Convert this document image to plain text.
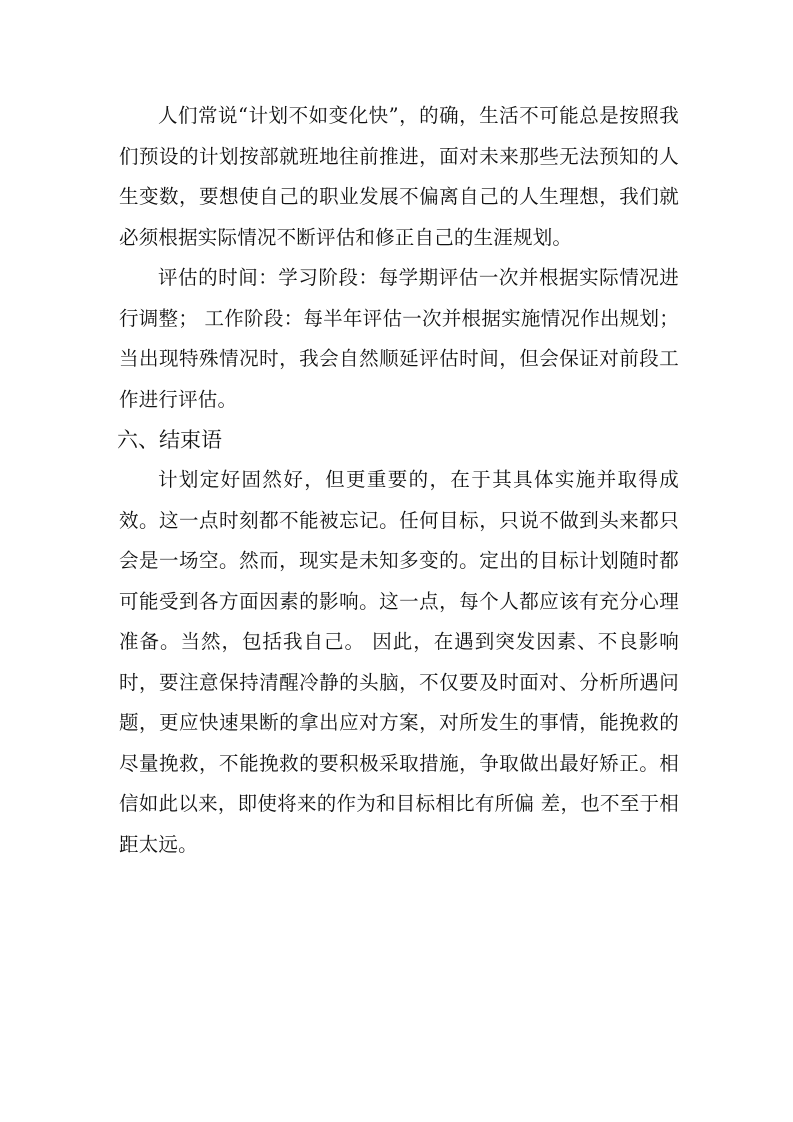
人们常说“计划不如变化快”，的确，生活不可能总是按照我们预设的计划按部就班地往前推进，面对未来那些无法预知的人生变数，要想使自己的职业发展不偏离自己的人生理想，我们就必须根据实际情况不断评估和修正自己的生涯规划。

评估的时间：学习阶段：每学期评估一次并根据实际情况进行调整； 工作阶段：每半年评估一次并根据实施情况作出规划；当出现特殊情况时，我会自然顺延评估时间，但会保证对前段工作进行评估。

六、结束语

计划定好固然好，但更重要的，在于其具体实施并取得成效。这一点时刻都不能被忘记。任何目标，只说不做到头来都只会是一场空。然而，现实是未知多变的。定出的目标计划随时都可能受到各方面因素的影响。这一点，每个人都应该有充分心理准备。当然，包括我自己。 因此，在遇到突发因素、不良影响时，要注意保持清醒冷静的头脑，不仅要及时面对、分析所遇问题，更应快速果断的拿出应对方案，对所发生的事情，能挽救的尽量挽救，不能挽救的要积极采取措施，争取做出最好矫正。相信如此以来，即使将来的作为和目标相比有所偏 差，也不至于相距太远。
